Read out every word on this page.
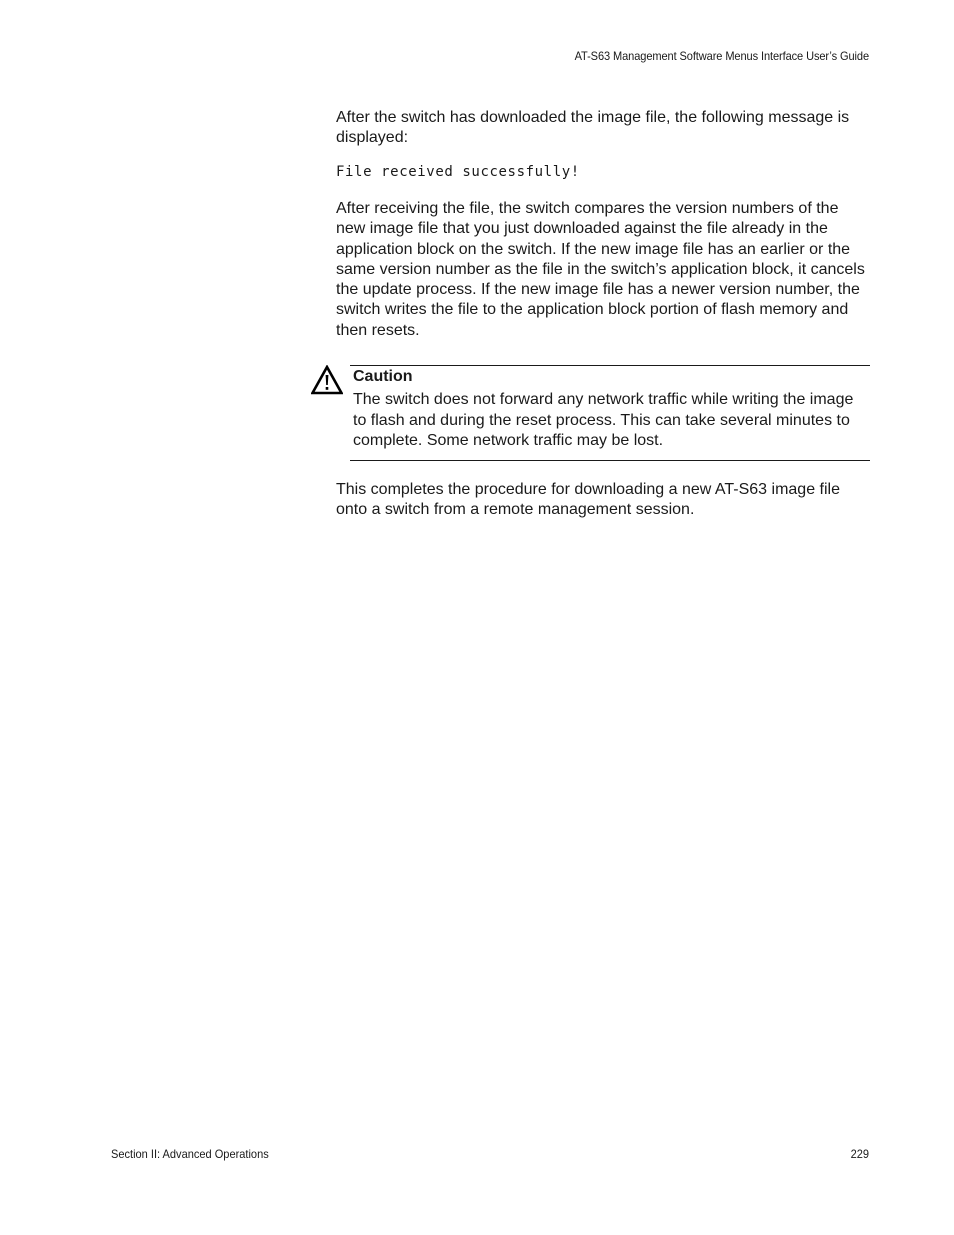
AT-S63 Management Software Menus Interface User’s Guide

After the switch has downloaded the image file, the following message is displayed:

File received successfully!

After receiving the file, the switch compares the version numbers of the new image file that you just downloaded against the file already in the application block on the switch. If the new image file has an earlier or the same version number as the file in the switch’s application block, it cancels the update process. If the new image file has a newer version number, the switch writes the file to the application block portion of flash memory and then resets.

Caution

The switch does not forward any network traffic while writing the image to flash and during the reset process. This can take several minutes to complete. Some network traffic may be lost.

This completes the procedure for downloading a new AT-S63 image file onto a switch from a remote management session.

Section II: Advanced Operations	229
